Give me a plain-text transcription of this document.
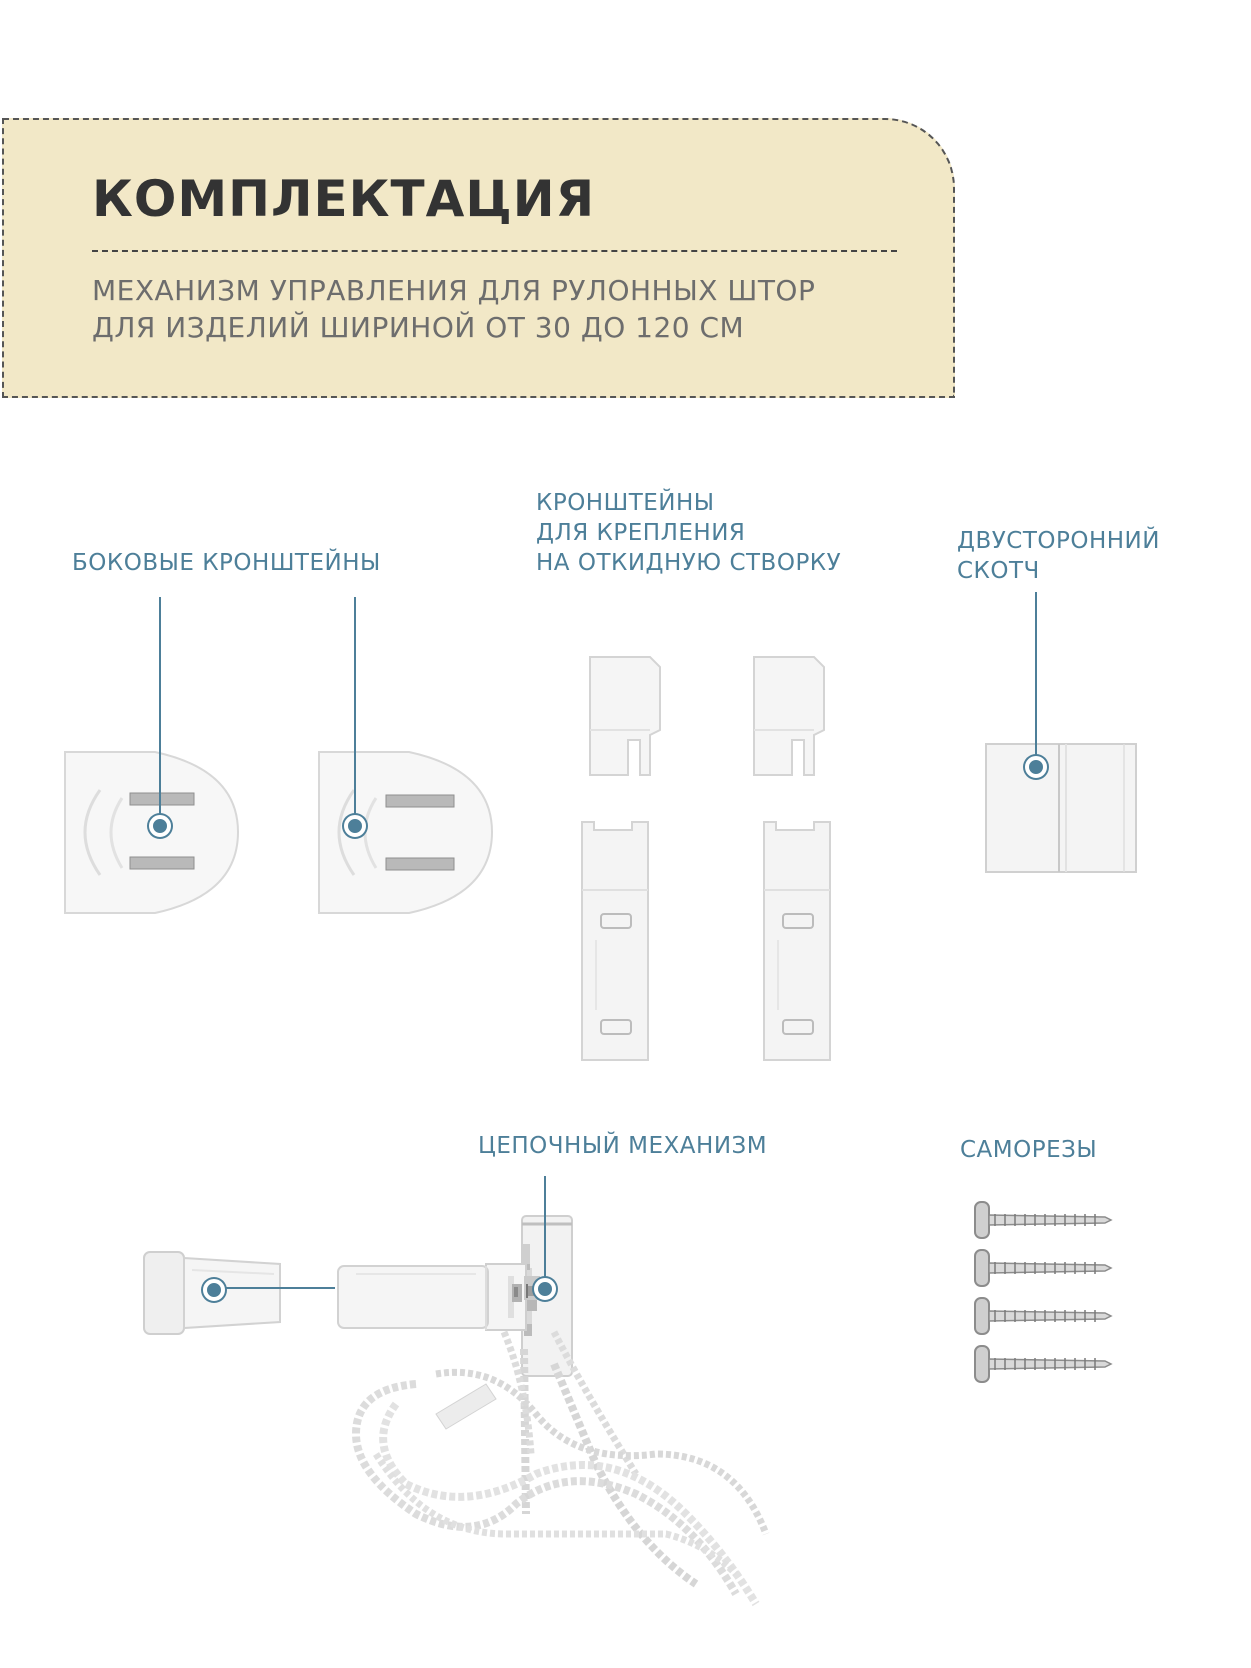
КОМПЛЕКТАЦИЯ
МЕХАНИЗМ УПРАВЛЕНИЯ ДЛЯ РУЛОННЫХ ШТОР
ДЛЯ ИЗДЕЛИЙ ШИРИНОЙ ОТ 30 ДО 120 СМ
БОКОВЫЕ КРОНШТЕЙНЫ
КРОНШТЕЙНЫ
ДЛЯ КРЕПЛЕНИЯ
НА ОТКИДНУЮ СТВОРКУ
ДВУСТОРОННИЙ
СКОТЧ
ЦЕПОЧНЫЙ МЕХАНИЗМ	САМОРЕЗЫ
